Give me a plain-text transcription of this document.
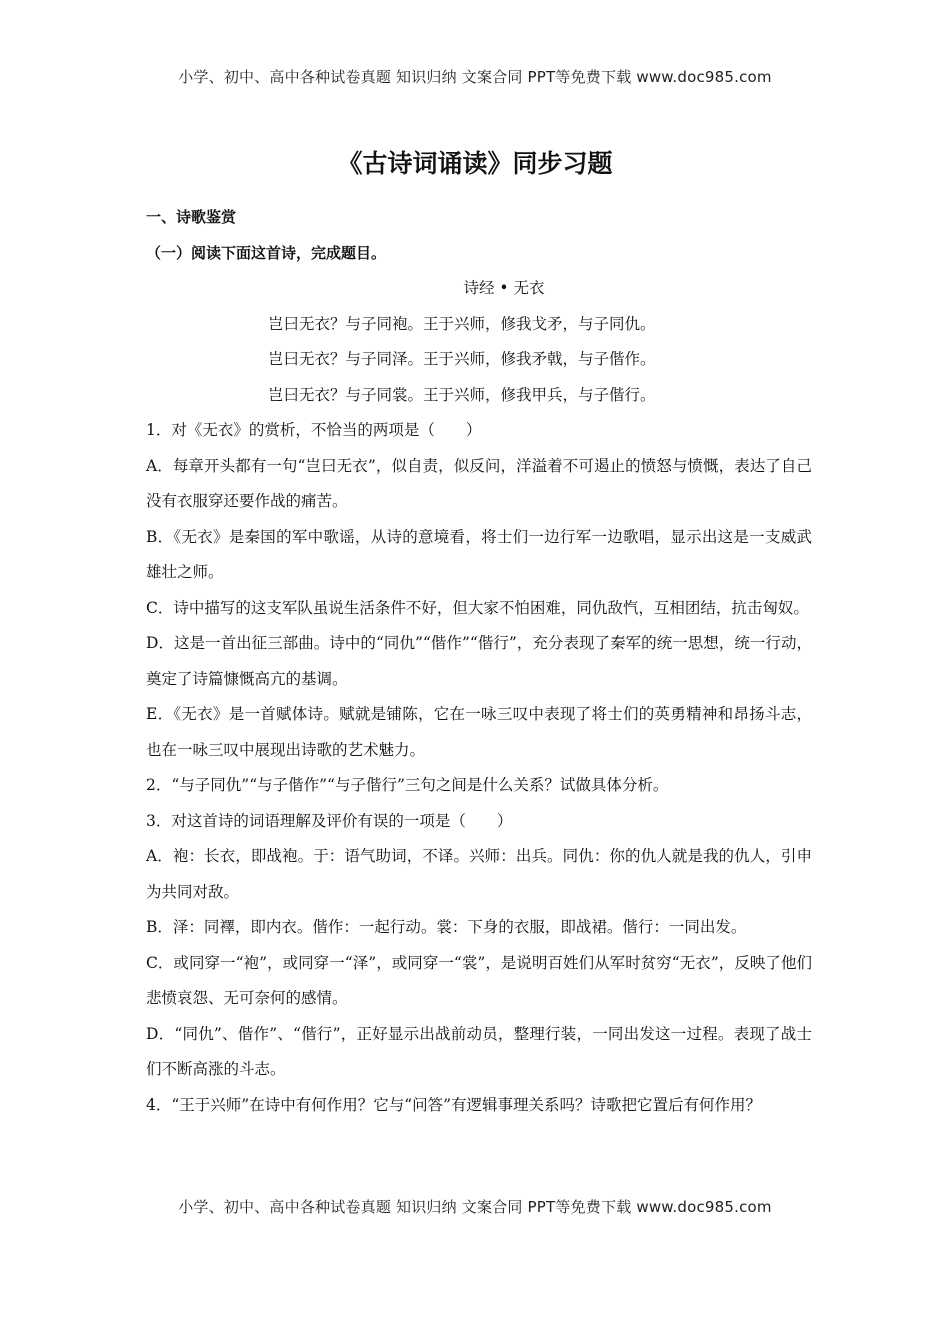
小学、初中、高中各种试卷真题 知识归纳 文案合同 PPT等免费下载 www.doc985.com
《古诗词诵读》同步习题

一、诗歌鉴赏

（一）阅读下面这首诗，完成题目。

诗经 • 无衣

岂曰无衣？与子同袍。王于兴师，修我戈矛，与子同仇。

岂曰无衣？与子同泽。王于兴师，修我矛戟，与子偕作。

岂曰无衣？与子同裳。王于兴师，修我甲兵，与子偕行。

1．对《无衣》的赏析，不恰当的两项是（　　）

A．每章开头都有一句“岂曰无衣”，似自责，似反问，洋溢着不可遏止的愤怒与愤慨，表达了自己没有衣服穿还要作战的痛苦。

B．《无衣》是秦国的军中歌谣，从诗的意境看，将士们一边行军一边歌唱，显示出这是一支威武雄壮之师。

C．诗中描写的这支军队虽说生活条件不好，但大家不怕困难，同仇敌忾，互相团结，抗击匈奴。

D．这是一首出征三部曲。诗中的“同仇”“偕作”“偕行”，充分表现了秦军的统一思想，统一行动，奠定了诗篇慷慨高亢的基调。

E．《无衣》是一首赋体诗。赋就是铺陈，它在一咏三叹中表现了将士们的英勇精神和昂扬斗志，也在一咏三叹中展现出诗歌的艺术魅力。

2．“与子同仇”“与子偕作”“与子偕行”三句之间是什么关系？试做具体分析。

3．对这首诗的词语理解及评价有误的一项是（　　）

A．袍：长衣，即战袍。于：语气助词，不译。兴师：出兵。同仇：你的仇人就是我的仇人，引申为共同对敌。

B．泽：同襗，即内衣。偕作：一起行动。裳：下身的衣服，即战裙。偕行：一同出发。

C．或同穿一“袍”，或同穿一“泽”，或同穿一“裳”，是说明百姓们从军时贫穷“无衣”，反映了他们悲愤哀怨、无可奈何的感情。

D．“同仇”、偕作”、“偕行”，正好显示出战前动员，整理行装，一同出发这一过程。表现了战士们不断高涨的斗志。

4．“王于兴师”在诗中有何作用？它与“问答”有逻辑事理关系吗？诗歌把它置后有何作用？

小学、初中、高中各种试卷真题 知识归纳 文案合同 PPT等免费下载 www.doc985.com
